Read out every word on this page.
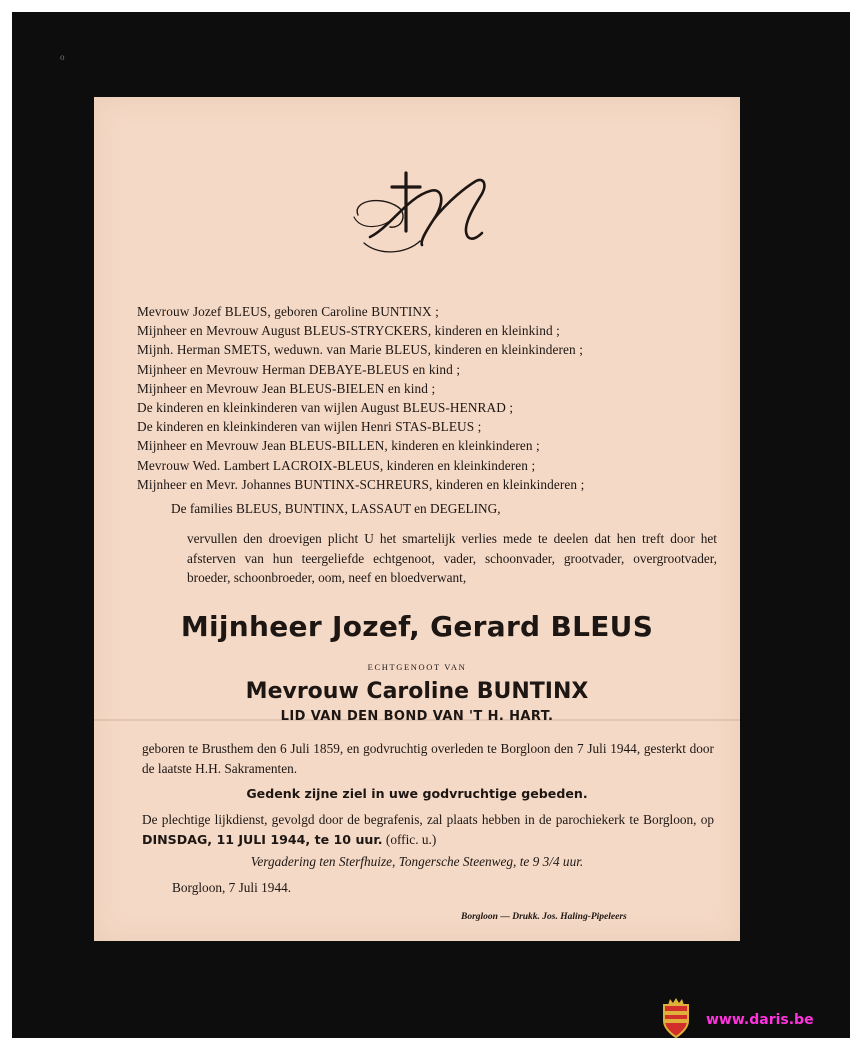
o
Mevrouw Jozef BLEUS, geboren Caroline BUNTINX ;
Mijnheer en Mevrouw August BLEUS-STRYCKERS, kinderen en kleinkind ;
Mijnh. Herman SMETS, weduwn. van Marie BLEUS, kinderen en kleinkinderen ;
Mijnheer en Mevrouw Herman DEBAYE-BLEUS en kind ;
Mijnheer en Mevrouw Jean BLEUS-BIELEN en kind ;
De kinderen en kleinkinderen van wijlen August BLEUS-HENRAD ;
De kinderen en kleinkinderen van wijlen Henri STAS-BLEUS ;
Mijnheer en Mevrouw Jean BLEUS-BILLEN, kinderen en kleinkinderen ;
Mevrouw Wed. Lambert LACROIX-BLEUS, kinderen en kleinkinderen ;
Mijnheer en Mevr. Johannes BUNTINX-SCHREURS, kinderen en kleinkinderen ;
De families BLEUS, BUNTINX, LASSAUT en DEGELING,
vervullen den droevigen plicht U het smartelijk verlies mede te deelen dat hen treft door het afsterven van hun teergeliefde echtgenoot, vader, schoonvader, grootvader, overgrootvader, broeder, schoonbroeder, oom, neef en bloedverwant,
Mijnheer Jozef, Gerard BLEUS
ECHTGENOOT VAN
Mevrouw Caroline BUNTINX
LID VAN DEN BOND VAN 'T H. HART.
geboren te Brusthem den 6 Juli 1859, en godvruchtig overleden te Borgloon den 7 Juli 1944, gesterkt door de laatste H.H. Sakramenten.
Gedenk zijne ziel in uwe godvruchtige gebeden.
De plechtige lijkdienst, gevolgd door de begrafenis, zal plaats hebben in de parochiekerk te Borgloon, op DINSDAG, 11 JULI 1944, te 10 uur. (offic. u.)
Vergadering ten Sterfhuize, Tongersche Steenweg, te 9 3/4 uur.
Borgloon, 7 Juli 1944.
Borgloon — Drukk. Jos. Haling-Pipeleers
www.daris.be
